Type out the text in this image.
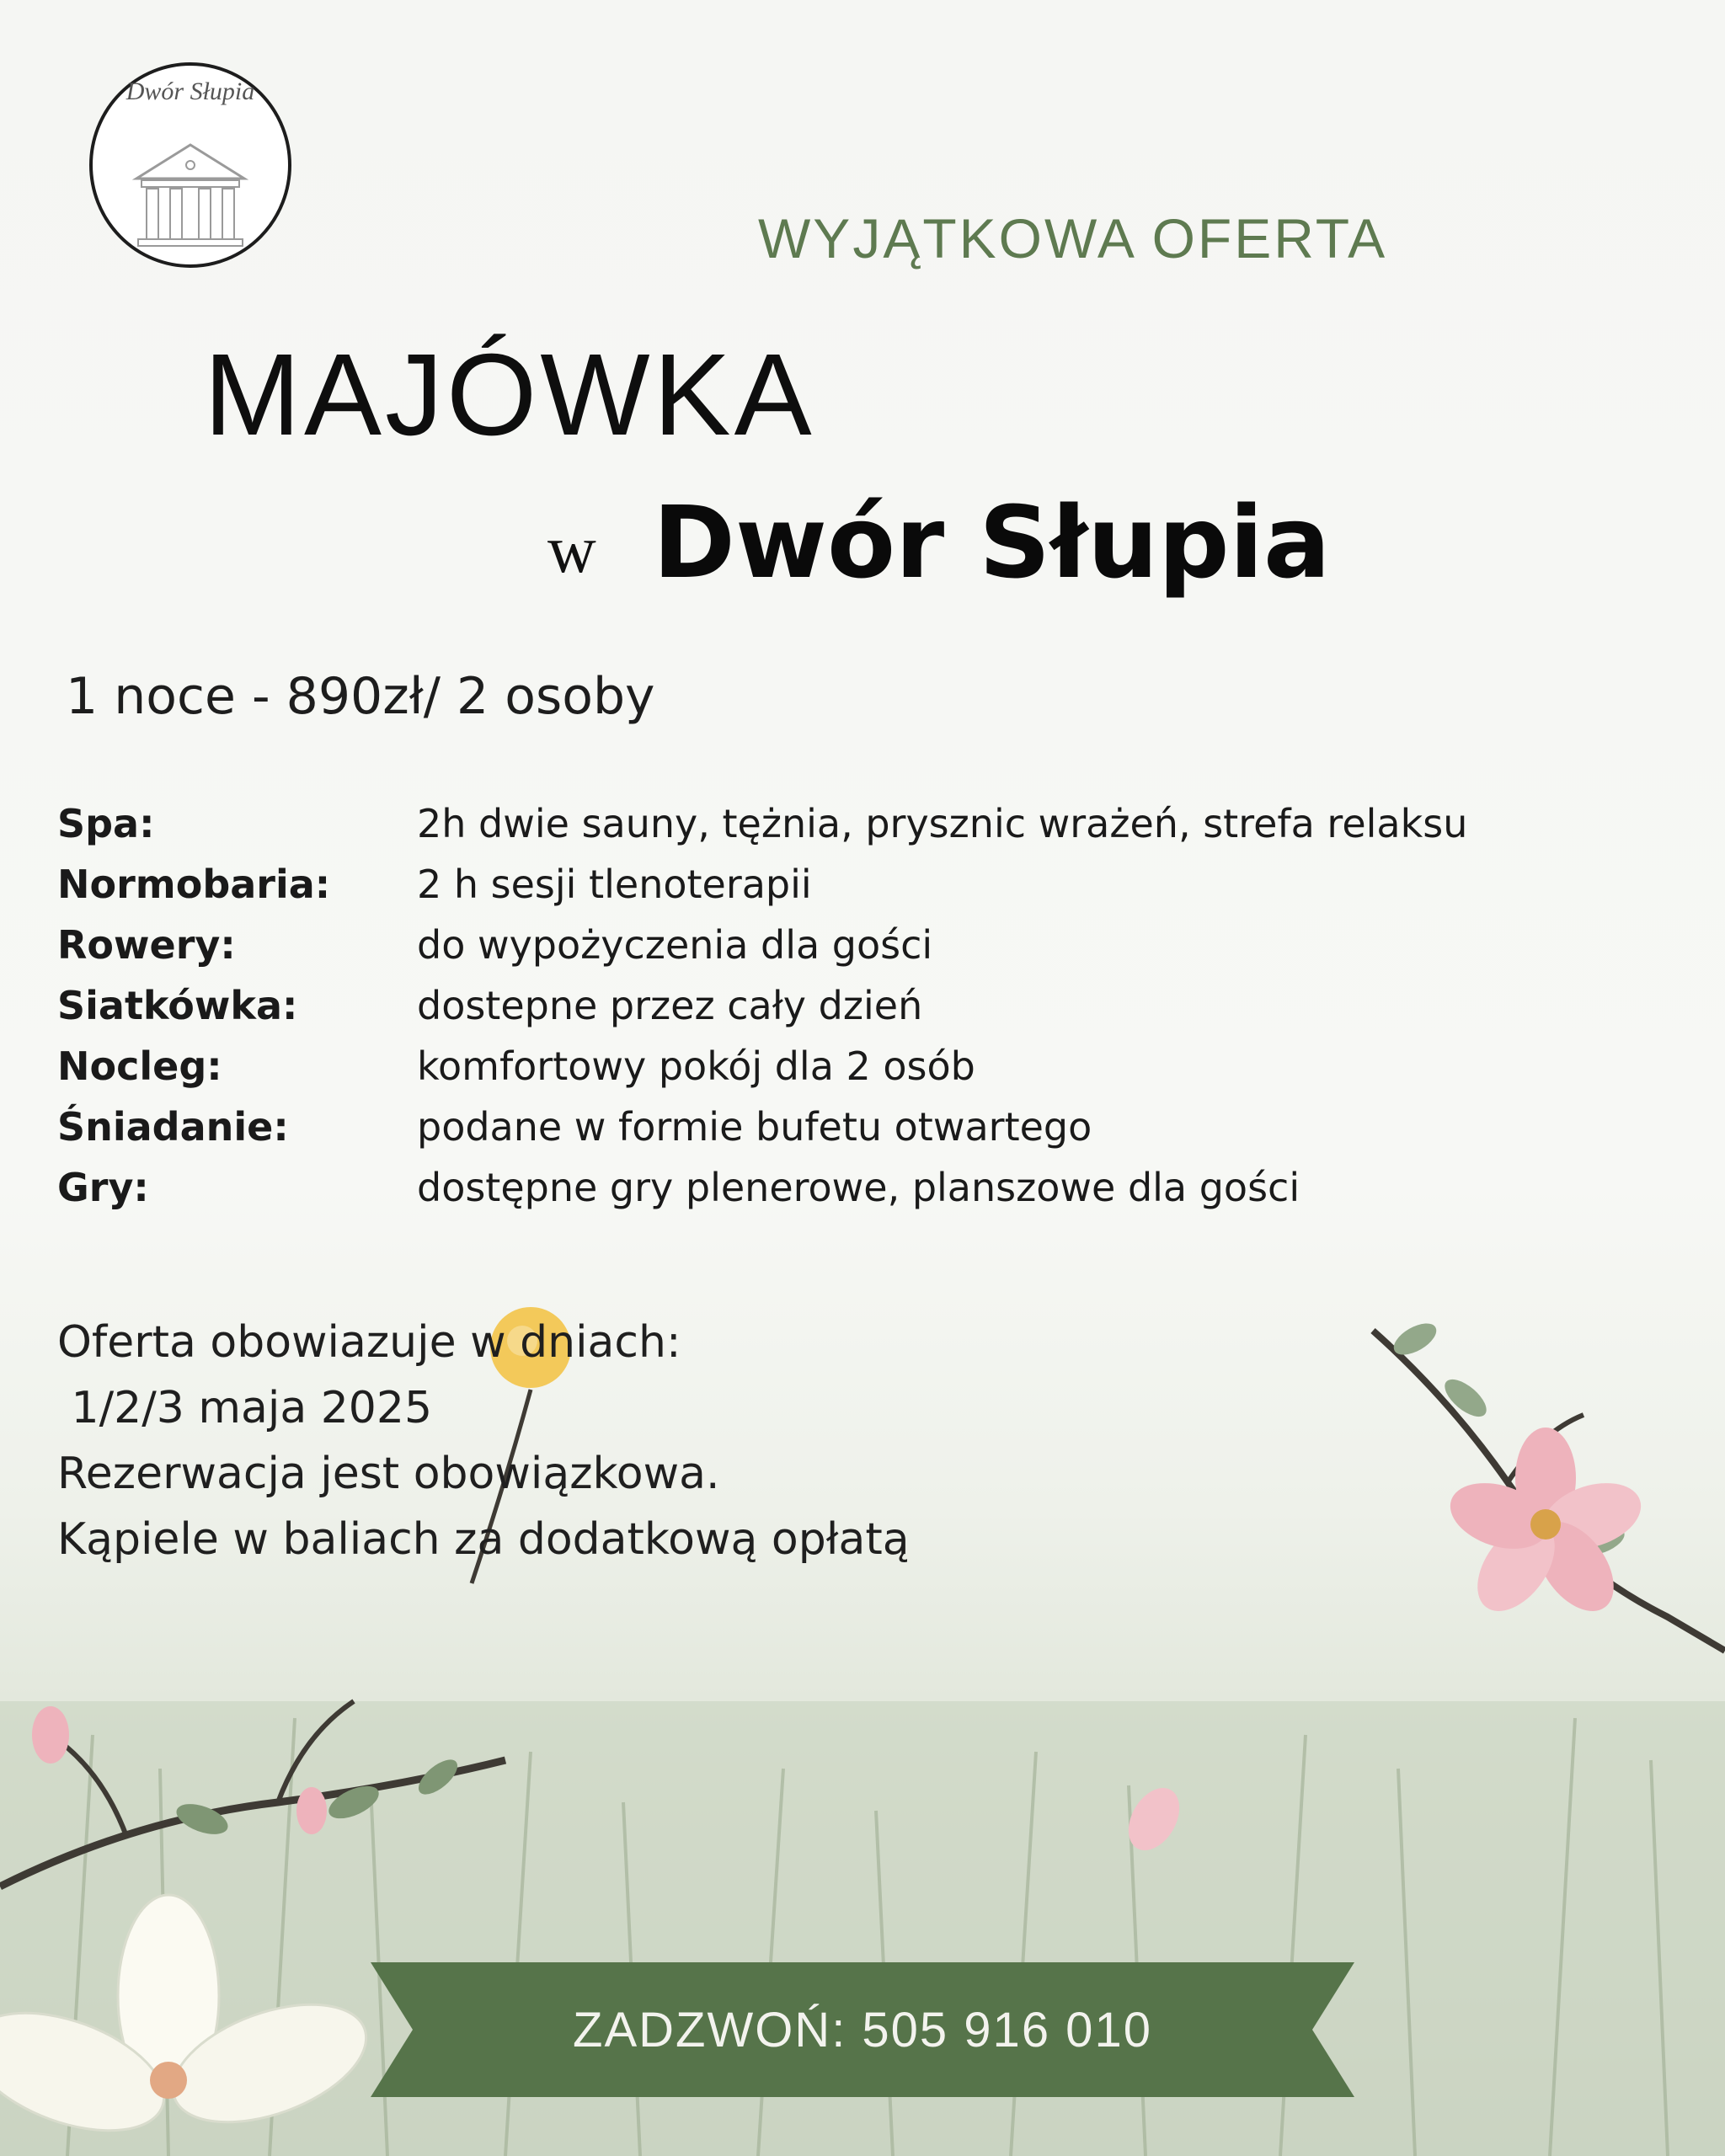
Dwór Słupia
WYJĄTKOWA OFERTA
MAJÓWKA
w Dwór Słupia
1 noce - 890zł/ 2 osoby
Spa:	2h dwie sauny, tężnia, prysznic wrażeń, strefa relaksu
Normobaria:	2 h sesji tlenoterapii
Rowery:	do wypożyczenia dla gości
Siatkówka:	dostepne przez cały dzień
Nocleg:	komfortowy pokój dla 2 osób
Śniadanie:	podane w formie bufetu otwartego
Gry:	dostępne gry plenerowe, planszowe dla gości
Oferta obowiazuje w dniach:
1/2/3 maja 2025
Rezerwacja jest obowiązkowa.
Kąpiele w baliach za dodatkową opłatą
ZADZWOŃ: 505 916 010
